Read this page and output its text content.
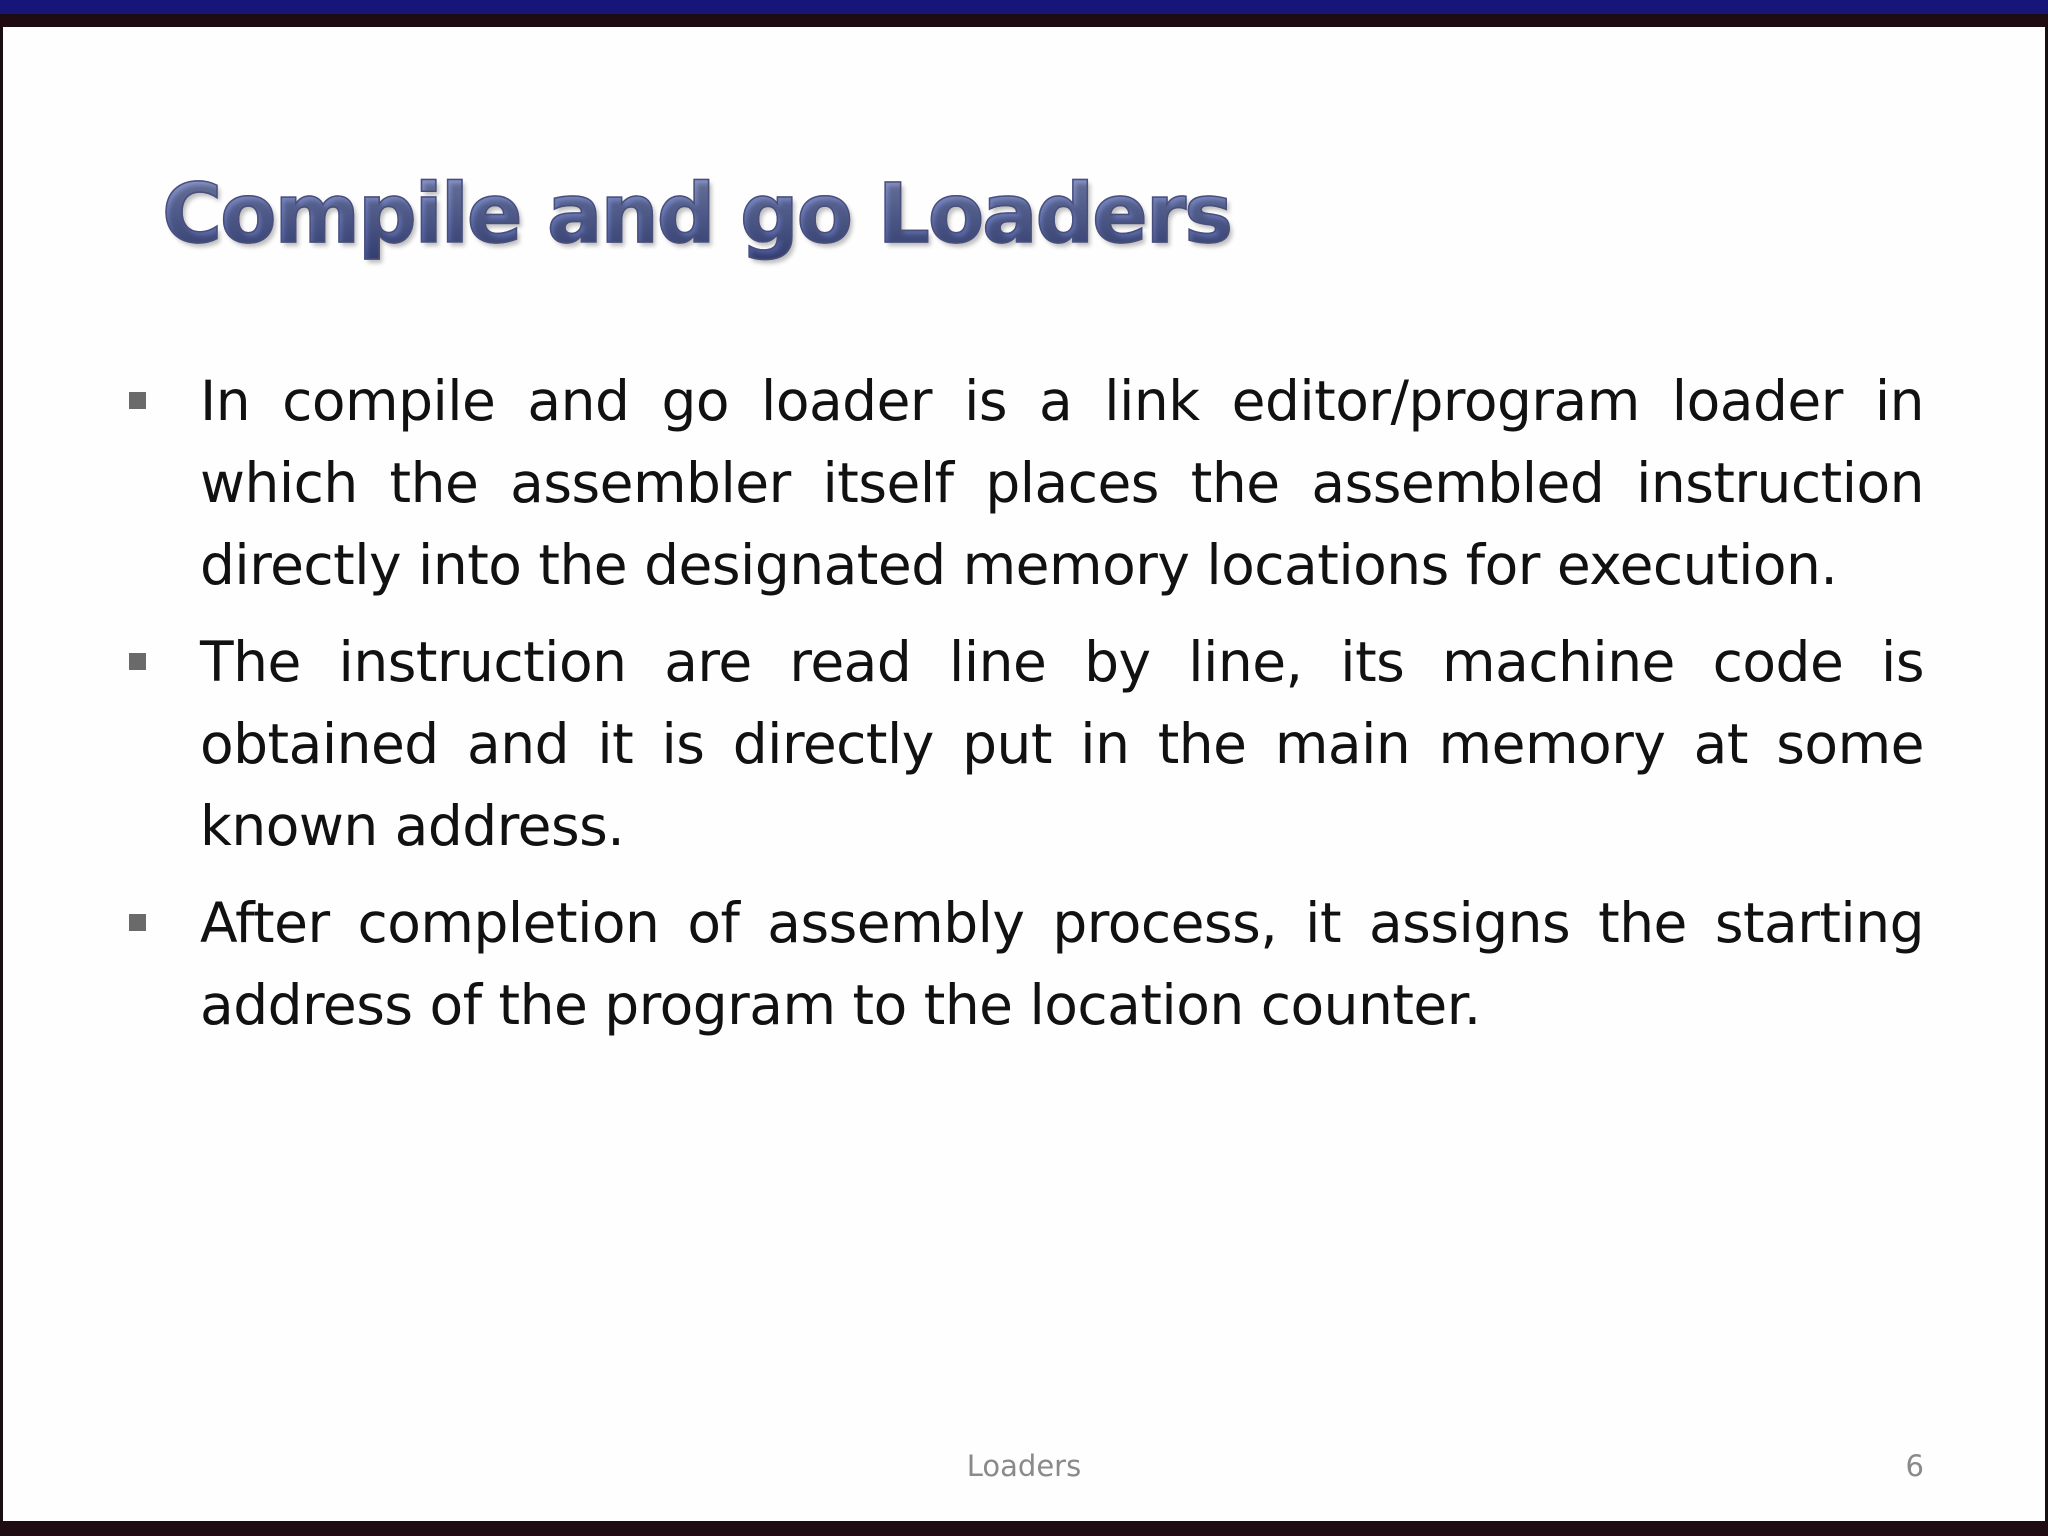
Compile and go Loaders
In compile and go loader is a link editor/program loader in which the assembler itself places the assembled instruction directly into the designated memory locations for execution.
The instruction are read line by line, its machine code is obtained and it is directly put in the main memory at some known address.
After completion of assembly process, it assigns the starting address of the program to the location counter.
Loaders	6
